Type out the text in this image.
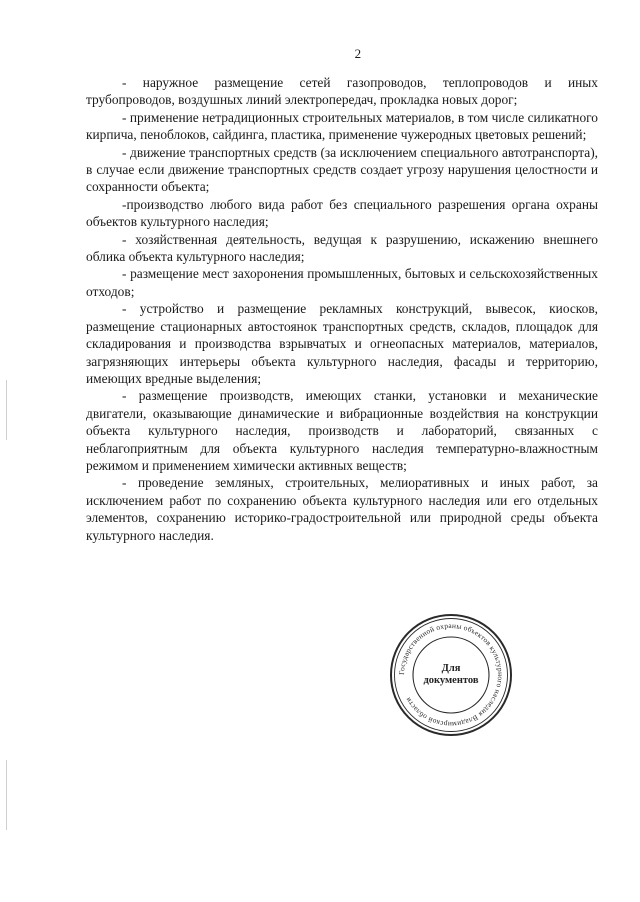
2

- наружное размещение сетей газопроводов, теплопроводов и иных трубопроводов, воздушных линий электропередач, прокладка новых дорог;

- применение нетрадиционных строительных материалов, в том числе силикатного кирпича, пеноблоков, сайдинга, пластика, применение чужеродных цветовых решений;

- движение транспортных средств (за исключением специального автотранспорта), в случае если движение транспортных средств создает угрозу нарушения целостности и сохранности объекта;

-производство любого вида работ без специального разрешения органа охраны объектов культурного наследия;

- хозяйственная деятельность, ведущая к разрушению, искажению внешнего облика объекта культурного наследия;

- размещение мест захоронения промышленных, бытовых и сельскохозяйственных отходов;

- устройство и размещение рекламных конструкций, вывесок, киосков, размещение стационарных автостоянок транспортных средств, складов, площадок для складирования и производства взрывчатых и огнеопасных материалов, материалов, загрязняющих интерьеры объекта культурного наследия, фасады и территорию, имеющих вредные выделения;

- размещение производств, имеющих станки, установки и механические двигатели, оказывающие динамические и вибрационные воздействия на конструкции объекта культурного наследия, производств и лабораторий, связанных с неблагоприятным для объекта культурного наследия температурно-влажностным режимом и применением химически активных веществ;

- проведение земляных, строительных, мелиоративных и иных работ, за исключением работ по сохранению объекта культурного наследия или его отдельных элементов, сохранению историко-градостроительной или природной среды объекта культурного наследия.

Государственной охраны объектов культурного наследия Владимирской области
Для
документов
